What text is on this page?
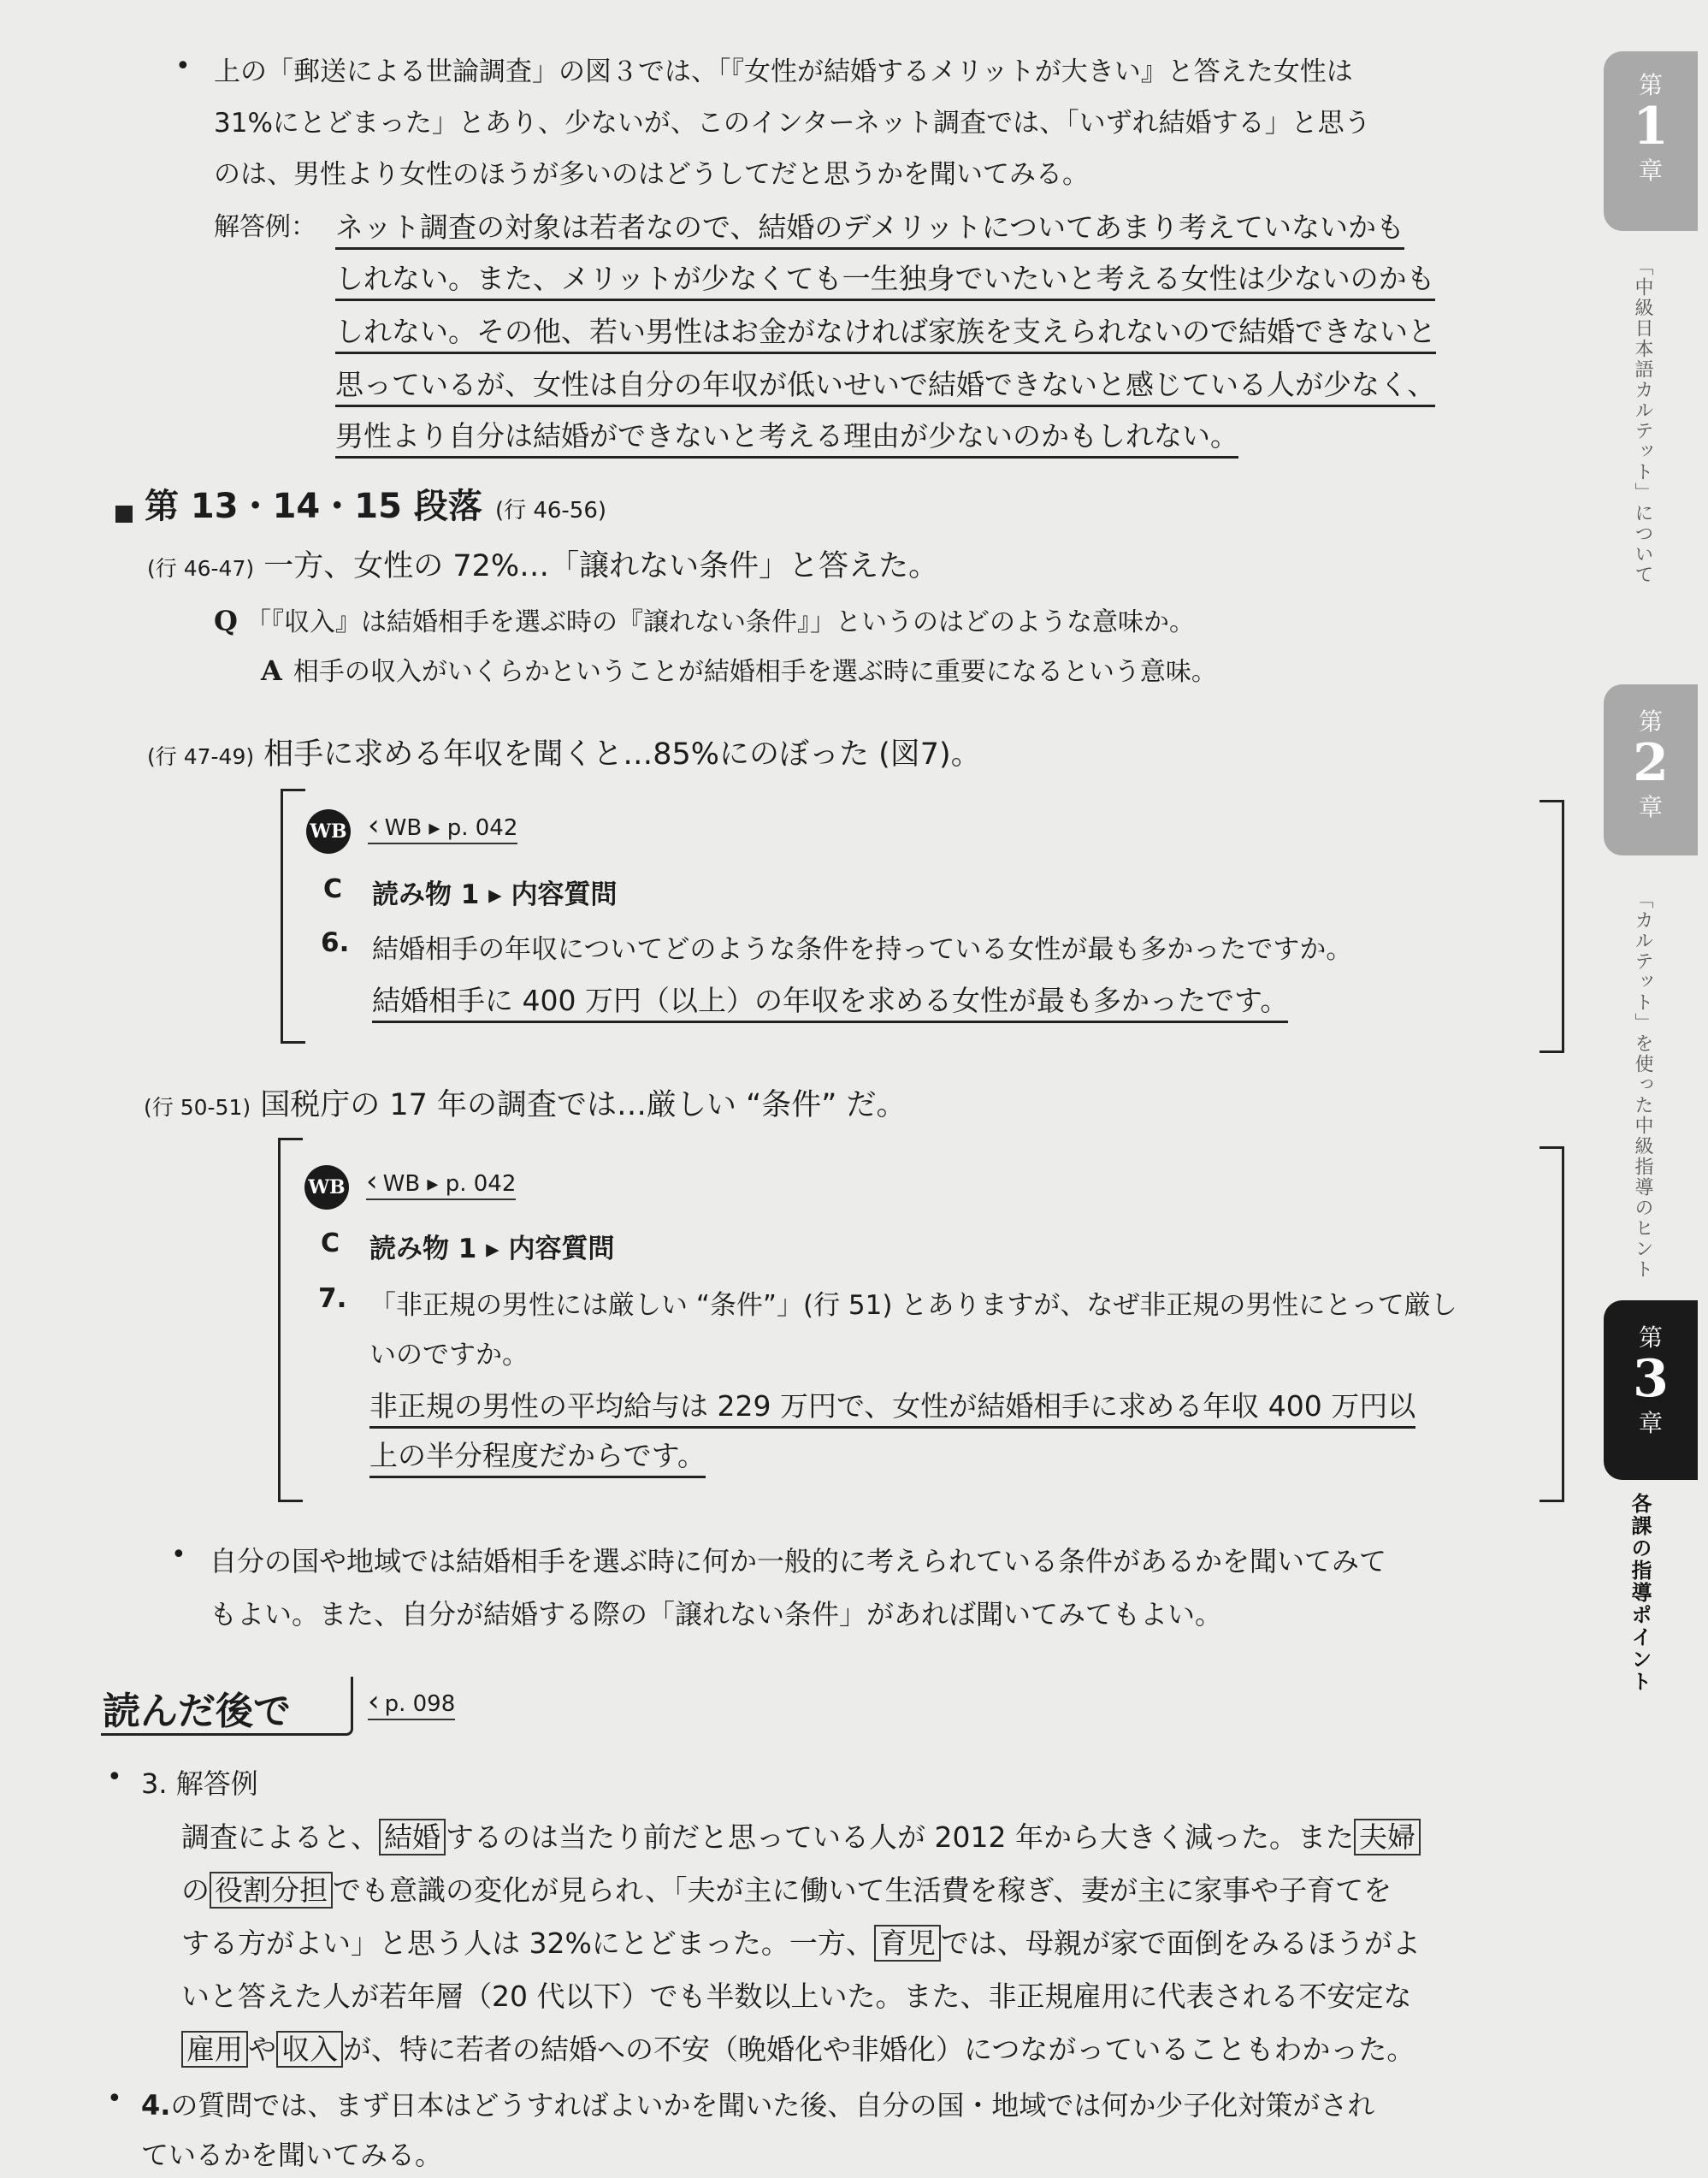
• 上の「郵送による世論調査」の図３では、「『女性が結婚するメリットが大きい』と答えた女性は
31%にとどまった」とあり、少ないが、このインターネット調査では、「いずれ結婚する」と思う
のは、男性より女性のほうが多いのはどうしてだと思うかを聞いてみる。
解答例： ネット調査の対象は若者なので、結婚のデメリットについてあまり考えていないかも
しれない。また、メリットが少なくても一生独身でいたいと考える女性は少ないのかも
しれない。その他、若い男性はお金がなければ家族を支えられないので結婚できないと
思っているが、女性は自分の年収が低いせいで結婚できないと感じている人が少なく、
男性より自分は結婚ができないと考える理由が少ないのかもしれない。
第 13・14・15 段落 (行 46-56)
(行 46-47) 一方、女性の 72%…「譲れない条件」と答えた。
Q 「『収入』は結婚相手を選ぶ時の『譲れない条件』」というのはどのような意味か。
A 相手の収入がいくらかということが結婚相手を選ぶ時に重要になるという意味。
(行 47-49) 相手に求める年収を聞くと…85%にのぼった (図7)。
WB ‹ WB ▸ p. 042
C 読み物 1 ▸ 内容質問
6. 結婚相手の年収についてどのような条件を持っている女性が最も多かったですか。
結婚相手に 400 万円（以上）の年収を求める女性が最も多かったです。
(行 50-51) 国税庁の 17 年の調査では…厳しい “条件” だ。
WB ‹ WB ▸ p. 042
C 読み物 1 ▸ 内容質問
7. 「非正規の男性には厳しい “条件”」(行 51) とありますが、なぜ非正規の男性にとって厳し
いのですか。
非正規の男性の平均給与は 229 万円で、女性が結婚相手に求める年収 400 万円以
上の半分程度だからです。
• 自分の国や地域では結婚相手を選ぶ時に何か一般的に考えられている条件があるかを聞いてみて
もよい。また、自分が結婚する際の「譲れない条件」があれば聞いてみてもよい。
読んだ後で	‹ p. 098
• 3. 解答例
調査によると、 結婚 するのは当たり前だと思っている人が 2012 年から大きく減った。また 夫婦
の 役割分担 でも意識の変化が見られ、「夫が主に働いて生活費を稼ぎ、妻が主に家事や子育てを
する方がよい」と思う人は 32%にとどまった。一方、 育児 では、母親が家で面倒をみるほうがよ
いと答えた人が若年層（20 代以下）でも半数以上いた。また、非正規雇用に代表される不安定な
雇用 や 収入 が、特に若者の結婚への不安（晩婚化や非婚化）につながっていることもわかった。
• 4.の質問では、まず日本はどうすればよいかを聞いた後、自分の国・地域では何か少子化対策がされ
ているかを聞いてみる。
第
1
章
「中級日本語カルテット」について
第
2
章
「カルテット」を使った中級指導のヒント
第
3
章
各課の指導ポイント
